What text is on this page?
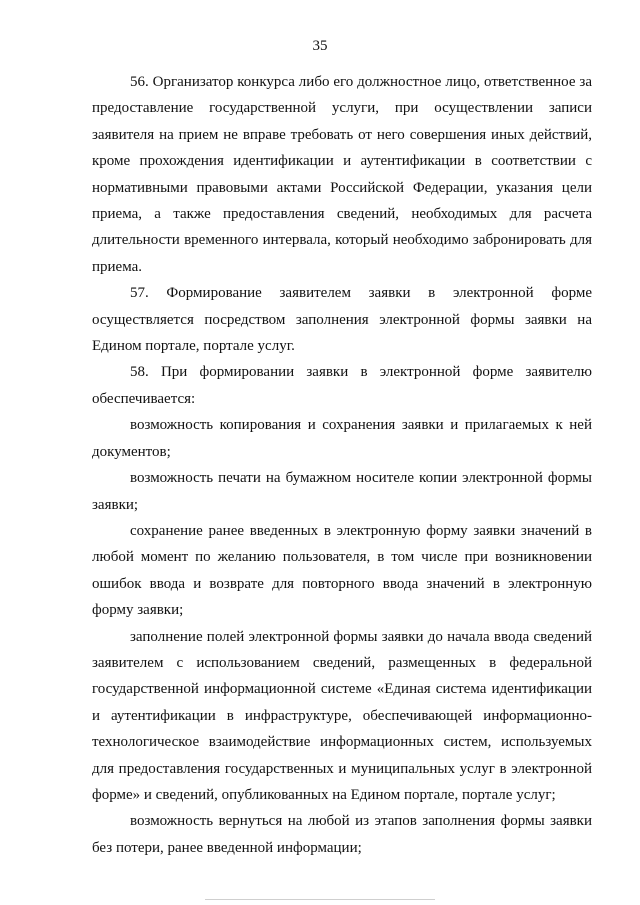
35

56. Организатор конкурса либо его должностное лицо, ответственное за предоставление государственной услуги, при осуществлении записи заявителя на прием не вправе требовать от него совершения иных действий, кроме прохождения идентификации и аутентификации в соответствии с нормативными правовыми актами Российской Федерации, указания цели приема, а также предоставления сведений, необходимых для расчета длительности временного интервала, который необходимо забронировать для приема.

57. Формирование заявителем заявки в электронной форме осуществляется посредством заполнения электронной формы заявки на Едином портале, портале услуг.

58. При формировании заявки в электронной форме заявителю обеспечивается:

возможность копирования и сохранения заявки и прилагаемых к ней документов;

возможность печати на бумажном носителе копии электронной формы заявки;

сохранение ранее введенных в электронную форму заявки значений в любой момент по желанию пользователя, в том числе при возникновении ошибок ввода и возврате для повторного ввода значений в электронную форму заявки;

заполнение полей электронной формы заявки до начала ввода сведений заявителем с использованием сведений, размещенных в федеральной государственной информационной системе «Единая система идентификации и аутентификации в инфраструктуре, обеспечивающей информационно-технологическое взаимодействие информационных систем, используемых для предоставления государственных и муниципальных услуг в электронной форме» и сведений, опубликованных на Едином портале, портале услуг;

возможность вернуться на любой из этапов заполнения формы заявки без потери, ранее введенной информации;
